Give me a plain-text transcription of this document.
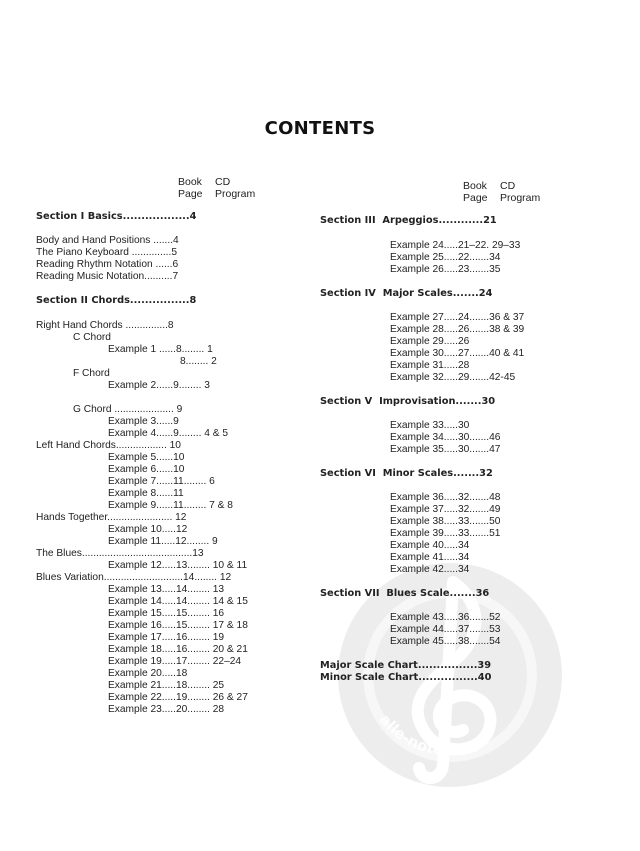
CONTENTS
Book
Page
CD
Program
Book
Page
CD
Program
Section I Basics..................4
Body and Hand Positions .......4
The Piano Keyboard ..............5
Reading Rhythm Notation ......6
Reading Music Notation..........7
Section II Chords................8
Right Hand Chords ...............8
C Chord
Example 1 ......8........ 1
8........ 2
F Chord
Example 2......9........ 3
G Chord ..................... 9
Example 3......9
Example 4......9........ 4 & 5
Left Hand Chords.................. 10
Example 5......10
Example 6......10
Example 7......11........ 6
Example 8......11
Example 9......11........ 7 & 8
Hands Together....................... 12
Example 10.....12
Example 11.....12........ 9
The Blues.......................................13
Example 12.....13........ 10 & 11
Blues Variation............................14........ 12
Example 13.....14........ 13
Example 14.....14........ 14 & 15
Example 15.....15........ 16
Example 16.....15........ 17 & 18
Example 17.....16........ 19
Example 18.....16........ 20 & 21
Example 19.....17........ 22–24
Example 20.....18
Example 21.....18........ 25
Example 22.....19........ 26 & 27
Example 23.....20........ 28
alle-noten.de
Section III  Arpeggios............21
Example 24.....21–22. 29–33
Example 25.....22.......34
Example 26.....23.......35
Section IV  Major Scales.......24
Example 27.....24.......36 & 37
Example 28.....26.......38 & 39
Example 29.....26
Example 30.....27.......40 & 41
Example 31.....28
Example 32.....29.......42-45
Section V  Improvisation.......30
Example 33.....30
Example 34.....30.......46
Example 35.....30.......47
Section VI  Minor Scales.......32
Example 36.....32.......48
Example 37.....32.......49
Example 38.....33.......50
Example 39.....33.......51
Example 40.....34
Example 41.....34
Example 42.....34
Section VII  Blues Scale.......36
Example 43.....36.......52
Example 44.....37.......53
Example 45.....38.......54
Major Scale Chart................39
Minor Scale Chart................40
